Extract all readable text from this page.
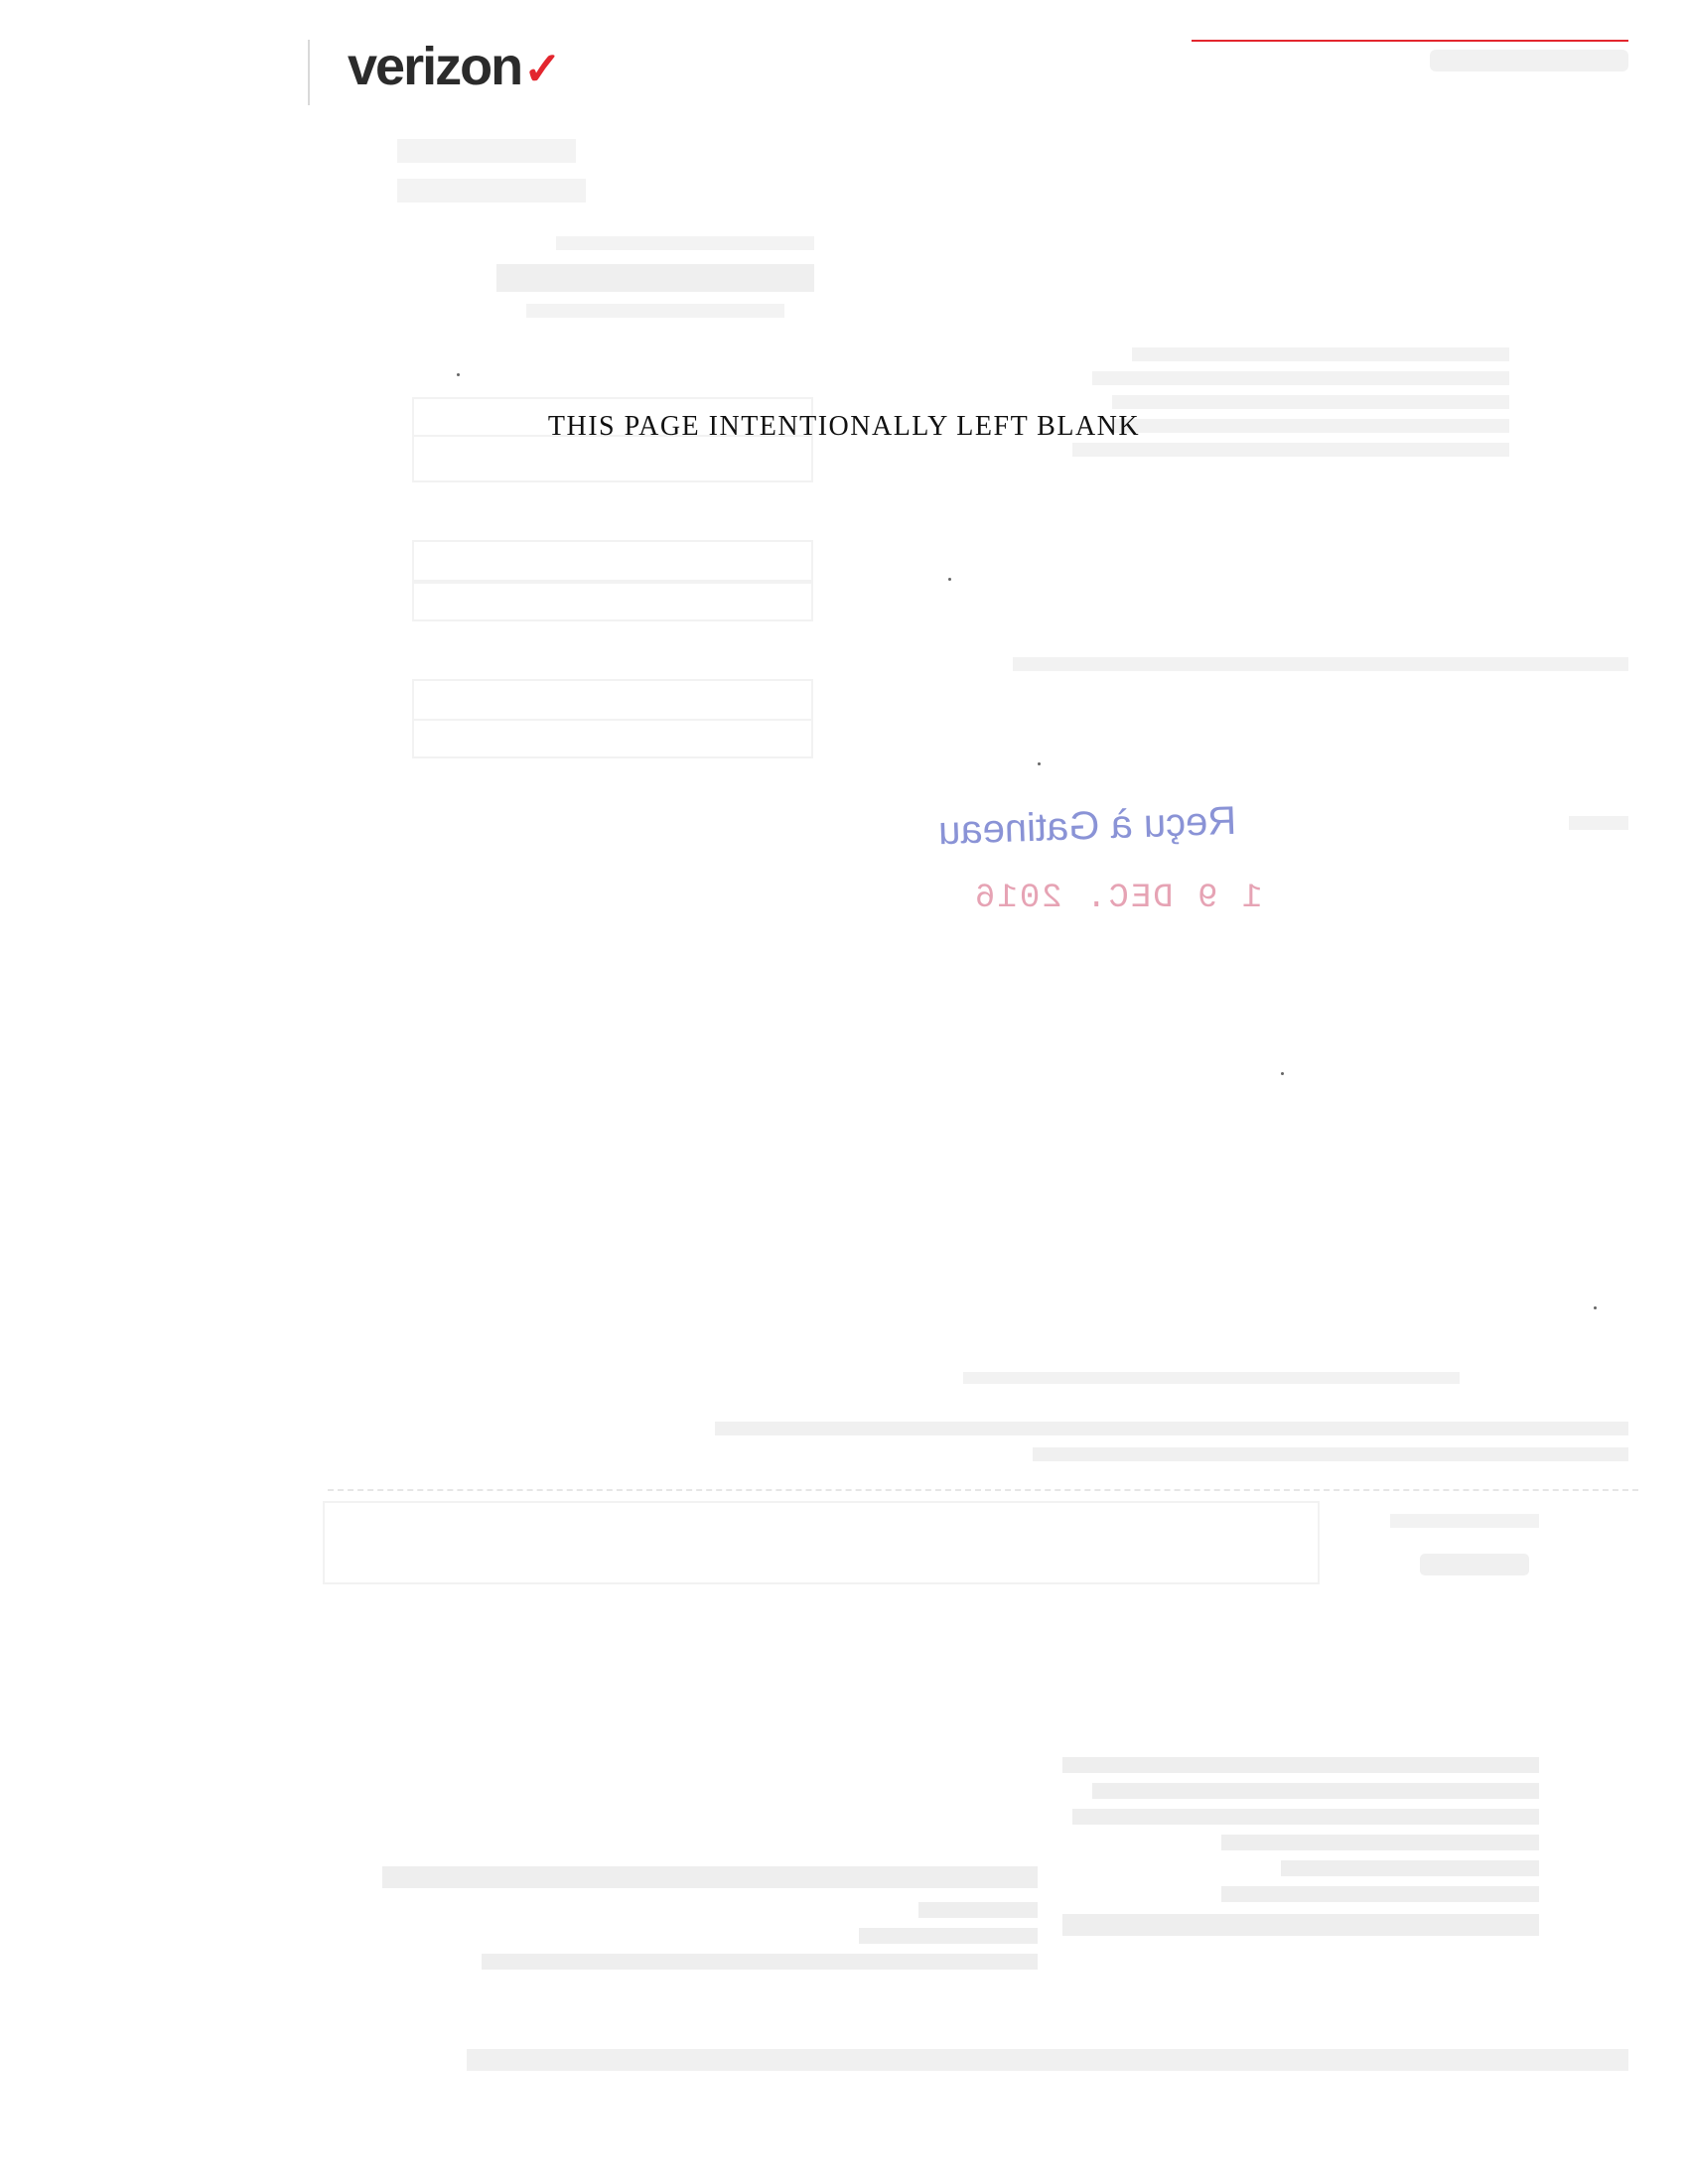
verizon✓
THIS PAGE INTENTIONALLY LEFT BLANK
Reçu à Gatineau
1 9 DEC. 2016
